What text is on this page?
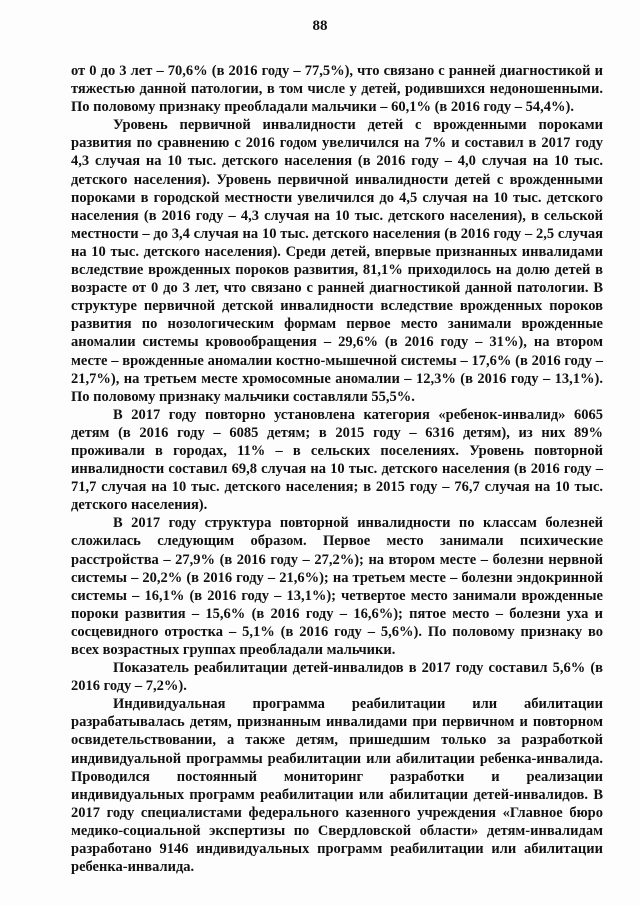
88

от 0 до 3 лет – 70,6% (в 2016 году – 77,5%), что связано с ранней диагностикой и тяжестью данной патологии, в том числе у детей, родившихся недоношенными. По половому признаку преобладали мальчики – 60,1% (в 2016 году – 54,4%).

Уровень первичной инвалидности детей с врожденными пороками развития по сравнению с 2016 годом увеличился на 7% и составил в 2017 году 4,3 случая на 10 тыс. детского населения (в 2016 году – 4,0 случая на 10 тыс. детского населения). Уровень первичной инвалидности детей с врожденными пороками в городской местности увеличился до 4,5 случая на 10 тыс. детского населения (в 2016 году – 4,3 случая на 10 тыс. детского населения), в сельской местности – до 3,4 случая на 10 тыс. детского населения (в 2016 году – 2,5 случая на 10 тыс. детского населения). Среди детей, впервые признанных инвалидами вследствие врожденных пороков развития, 81,1% приходилось на долю детей в возрасте от 0 до 3 лет, что связано с ранней диагностикой данной патологии. В структуре первичной детской инвалидности вследствие врожденных пороков развития по нозологическим формам первое место занимали врожденные аномалии системы кровообращения – 29,6% (в 2016 году – 31%), на втором месте – врожденные аномалии костно-мышечной системы – 17,6% (в 2016 году – 21,7%), на третьем месте хромосомные аномалии – 12,3% (в 2016 году – 13,1%). По половому признаку мальчики составляли 55,5%.

В 2017 году повторно установлена категория «ребенок-инвалид» 6065 детям (в 2016 году – 6085 детям; в 2015 году – 6316 детям), из них 89% проживали в городах, 11% – в сельских поселениях. Уровень повторной инвалидности составил 69,8 случая на 10 тыс. детского населения (в 2016 году – 71,7 случая на 10 тыс. детского населения; в 2015 году – 76,7 случая на 10 тыс. детского населения).

В 2017 году структура повторной инвалидности по классам болезней сложилась следующим образом. Первое место занимали психические расстройства – 27,9% (в 2016 году – 27,2%); на втором месте – болезни нервной системы – 20,2% (в 2016 году – 21,6%); на третьем месте – болезни эндокринной системы – 16,1% (в 2016 году – 13,1%); четвертое место занимали врожденные пороки развития – 15,6% (в 2016 году – 16,6%); пятое место – болезни уха и сосцевидного отростка – 5,1% (в 2016 году – 5,6%). По половому признаку во всех возрастных группах преобладали мальчики.

Показатель реабилитации детей-инвалидов в 2017 году составил 5,6% (в 2016 году – 7,2%).

Индивидуальная программа реабилитации или абилитации разрабатывалась детям, признанным инвалидами при первичном и повторном освидетельствовании, а также детям, пришедшим только за разработкой индивидуальной программы реабилитации или абилитации ребенка-инвалида. Проводился постоянный мониторинг разработки и реализации индивидуальных программ реабилитации или абилитации детей-инвалидов. В 2017 году специалистами федерального казенного учреждения «Главное бюро медико-социальной экспертизы по Свердловской области» детям-инвалидам разработано 9146 индивидуальных программ реабилитации или абилитации ребенка-инвалида.
